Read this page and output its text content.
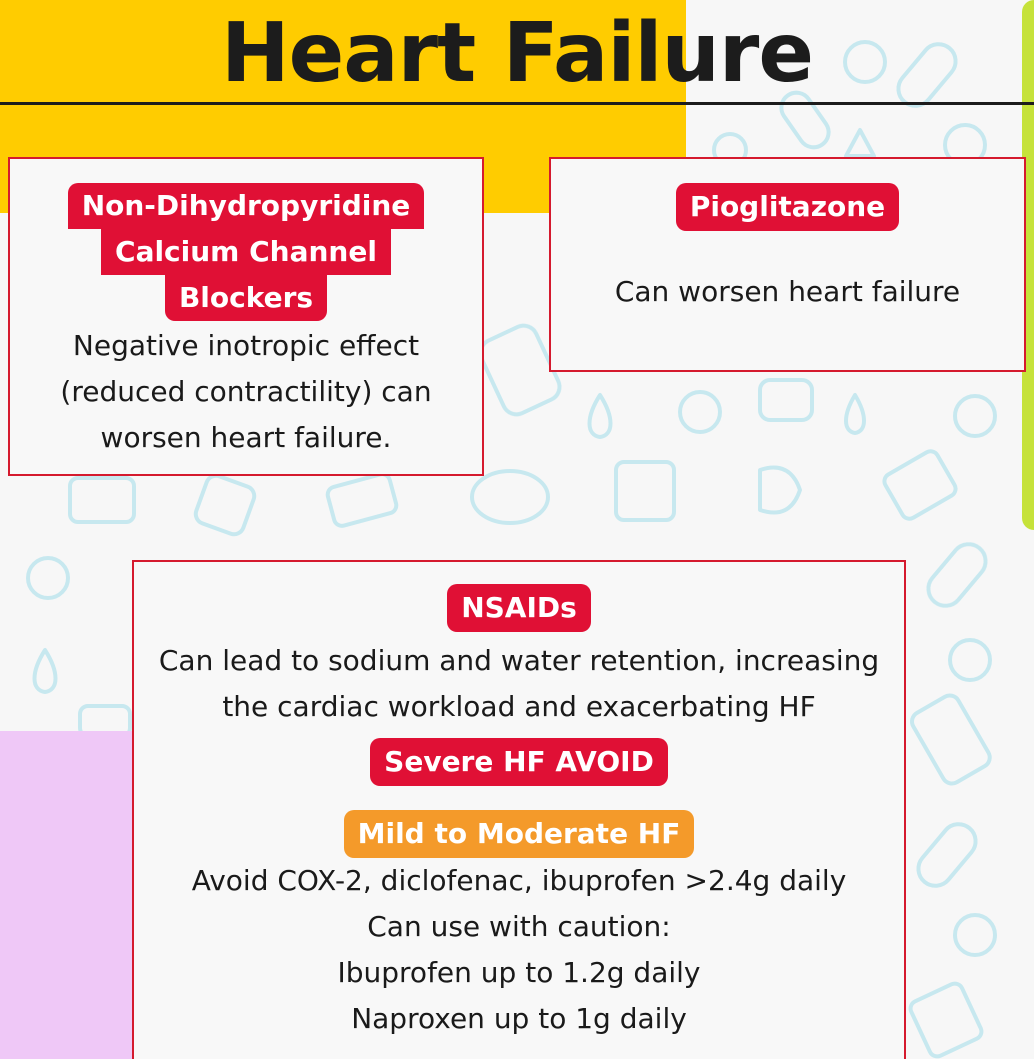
Heart Failure
Non-Dihydropyridine
Calcium Channel
Blockers
Negative inotropic effect
(reduced contractility) can
worsen heart failure.
Pioglitazone
Can worsen heart failure
NSAIDs
Can lead to sodium and water retention, increasing
the cardiac workload and exacerbating HF
Severe HF AVOID
Mild to Moderate HF
Avoid COX-2, diclofenac, ibuprofen >2.4g daily
Can use with caution:
Ibuprofen up to 1.2g daily
Naproxen up to 1g daily
